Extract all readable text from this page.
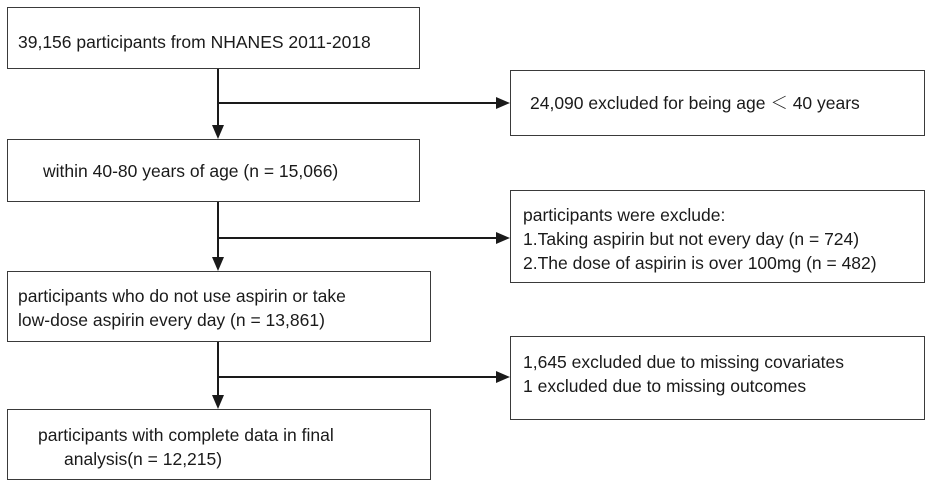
39,156 participants from NHANES 2011-2018
24,090 excluded for being age ＜ 40 years
within 40-80 years of age (n = 15,066)
participants were exclude:
1.Taking aspirin but not every day (n = 724)
2.The dose of aspirin is over 100mg (n = 482)
participants who do not use aspirin or take
low-dose aspirin every day (n = 13,861)
1,645 excluded due to missing covariates
1 excluded due to missing outcomes
participants with complete data in final
analysis(n = 12,215)
